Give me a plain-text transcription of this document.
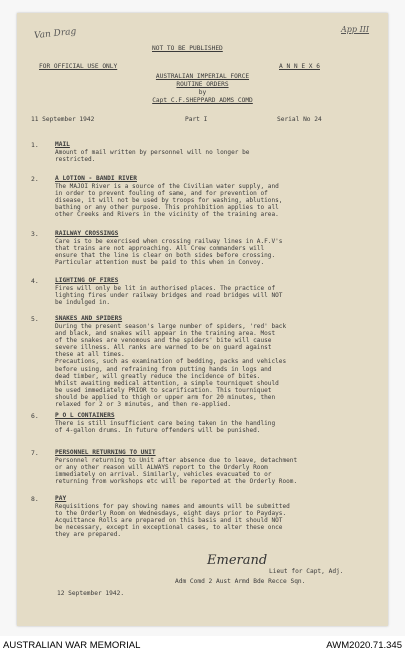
Van Drag	App III
NOT TO BE PUBLISHED
FOR OFFICIAL USE ONLY	A N N E X 6
AUSTRALIAN IMPERIAL FORCE
ROUTINE ORDERS
by
Capt C.F.SHEPPARD ADMS COMD
11 September 1942	Part I	Serial No 24
1.	MAIL
Amount of mail written by personnel will no longer be
restricted.
2.	A LOTION - BANDI RIVER
The MAJOI River is a source of the Civilian water supply, and
in order to prevent fouling of same, and for prevention of
disease, it will not be used by troops for washing, ablutions,
bathing or any other purpose. This prohibition applies to all
other Creeks and Rivers in the vicinity of the training area.
3.	RAILWAY CROSSINGS
Care is to be exercised when crossing railway lines in A.F.V's
that trains are not approaching. All Crew commanders will
ensure that the line is clear on both sides before crossing.
Particular attention must be paid to this when in Convoy.
4.	LIGHTING OF FIRES
Fires will only be lit in authorised places. The practice of
lighting fires under railway bridges and road bridges will NOT
be indulged in.
5.	SNAKES AND SPIDERS
During the present season's large number of spiders, 'red' back
and black, and snakes will appear in the training area. Most
of the snakes are venomous and the spiders' bite will cause
severe illness. All ranks are warned to be on guard against
these at all times.
Precautions, such as examination of bedding, packs and vehicles
before using, and refraining from putting hands in logs and
dead timber, will greatly reduce the incidence of bites.
Whilst awaiting medical attention, a simple tourniquet should
be used immediately PRIOR to scarification. This tourniquet
should be applied to thigh or upper arm for 20 minutes, then
relaxed for 2 or 3 minutes, and then re-applied.
6.	P O L CONTAINERS
There is still insufficient care being taken in the handling
of 4-gallon drums. In future offenders will be punished.
7.	PERSONNEL RETURNING TO UNIT
Personnel returning to Unit after absence due to leave, detachment
or any other reason will ALWAYS report to the Orderly Room
immediately on arrival. Similarly, vehicles evacuated to or
returning from workshops etc will be reported at the Orderly Room.
8.	PAY
Requisitions for pay showing names and amounts will be submitted
to the Orderly Room on Wednesdays, eight days prior to Paydays.
Acquittance Rolls are prepared on this basis and it should NOT
be necessary, except in exceptional cases, to alter these once
they are prepared.
Emerand
Lieut for Capt, Adj.
Adm Comd 2 Aust Armd Bde Recce Sqn.
12 September 1942.
AUSTRALIAN WAR MEMORIAL	AWM2020.71.345
